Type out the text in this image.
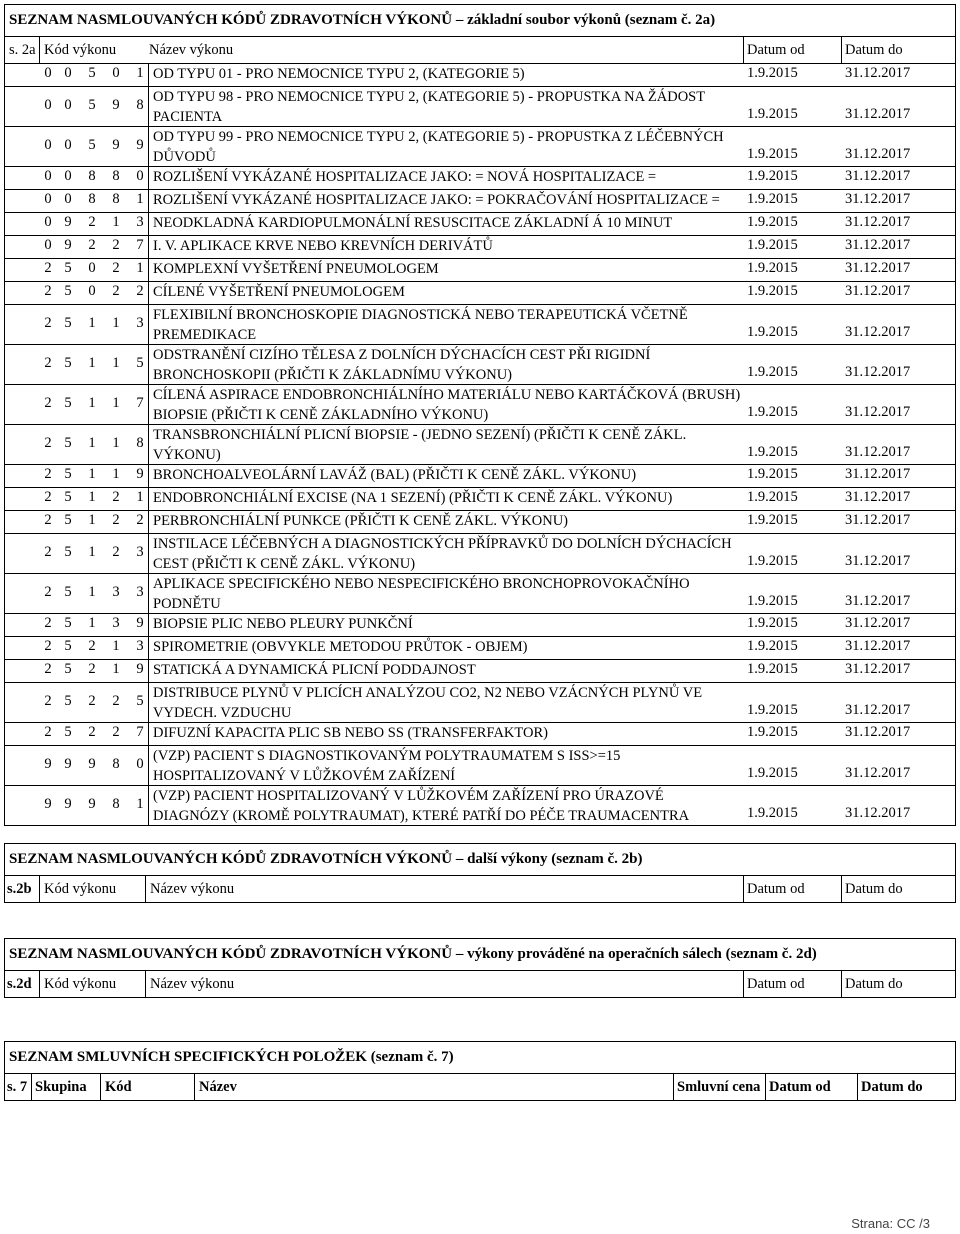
SEZNAM NASMLOUVANÝCH KÓDŮ ZDRAVOTNÍCH VÝKONŮ – základní soubor výkonů (seznam č. 2a)
s. 2a Kód výkonu Název výkonu	Datum od	Datum do
0 0 5 0 1 OD TYPU 01 - PRO NEMOCNICE TYPU 2, (KATEGORIE 5)	1.9.2015	31.12.2017
0 0 5 9 8 OD TYPU 98 - PRO NEMOCNICE TYPU 2, (KATEGORIE 5) - PROPUSTKA NA ŽÁDOST
PACIENTA	1.9.2015	31.12.2017
0 0 5 9 9 OD TYPU 99 - PRO NEMOCNICE TYPU 2, (KATEGORIE 5) - PROPUSTKA Z LÉČEBNÝCH
DŮVODŮ	1.9.2015	31.12.2017
0 0 8 8 0 ROZLIŠENÍ VYKÁZANÉ HOSPITALIZACE JAKO: = NOVÁ HOSPITALIZACE =	1.9.2015	31.12.2017
0 0 8 8 1 ROZLIŠENÍ VYKÁZANÉ HOSPITALIZACE JAKO: = POKRAČOVÁNÍ HOSPITALIZACE = 1.9.2015	31.12.2017
0 9 2 1 3 NEODKLADNÁ KARDIOPULMONÁLNÍ RESUSCITACE ZÁKLADNÍ Á 10 MINUT	1.9.2015	31.12.2017
0 9 2 2 7 I. V. APLIKACE KRVE NEBO KREVNÍCH DERIVÁTŮ	1.9.2015	31.12.2017
2 5 0 2 1 KOMPLEXNÍ VYŠETŘENÍ PNEUMOLOGEM	1.9.2015	31.12.2017
2 5 0 2 2 CÍLENÉ VYŠETŘENÍ PNEUMOLOGEM	1.9.2015	31.12.2017
2 5 1 1 3 FLEXIBILNÍ BRONCHOSKOPIE DIAGNOSTICKÁ NEBO TERAPEUTICKÁ VČETNĚ
PREMEDIKACE	1.9.2015	31.12.2017
2 5 1 1 5 ODSTRANĚNÍ CIZÍHO TĚLESA Z DOLNÍCH DÝCHACÍCH CEST PŘI RIGIDNÍ
BRONCHOSKOPII (PŘIČTI K ZÁKLADNÍMU VÝKONU)	1.9.2015	31.12.2017
2 5 1 1 7 CÍLENÁ ASPIRACE ENDOBRONCHIÁLNÍHO MATERIÁLU NEBO KARTÁČKOVÁ (BRUSH)
BIOPSIE (PŘIČTI K CENĚ ZÁKLADNÍHO VÝKONU)	1.9.2015	31.12.2017
2 5 1 1 8 TRANSBRONCHIÁLNÍ PLICNÍ BIOPSIE - (JEDNO SEZENÍ) (PŘIČTI K CENĚ ZÁKL.
VÝKONU)	1.9.2015	31.12.2017
2 5 1 1 9 BRONCHOALVEOLÁRNÍ LAVÁŽ (BAL) (PŘIČTI K CENĚ ZÁKL. VÝKONU)	1.9.2015	31.12.2017
2 5 1 2 1 ENDOBRONCHIÁLNÍ EXCISE (NA 1 SEZENÍ) (PŘIČTI K CENĚ ZÁKL. VÝKONU)	1.9.2015	31.12.2017
2 5 1 2 2 PERBRONCHIÁLNÍ PUNKCE (PŘIČTI K CENĚ ZÁKL. VÝKONU)	1.9.2015	31.12.2017
2 5 1 2 3 INSTILACE LÉČEBNÝCH A DIAGNOSTICKÝCH PŘÍPRAVKŮ DO DOLNÍCH DÝCHACÍCH
CEST (PŘIČTI K CENĚ ZÁKL. VÝKONU)	1.9.2015	31.12.2017
2 5 1 3 3 APLIKACE SPECIFICKÉHO NEBO NESPECIFICKÉHO BRONCHOPROVOKAČNÍHO
PODNĚTU	1.9.2015	31.12.2017
2 5 1 3 9 BIOPSIE PLIC NEBO PLEURY PUNKČNÍ	1.9.2015	31.12.2017
2 5 2 1 3 SPIROMETRIE (OBVYKLE METODOU PRŮTOK - OBJEM)	1.9.2015	31.12.2017
2 5 2 1 9 STATICKÁ A DYNAMICKÁ PLICNÍ PODDAJNOST	1.9.2015	31.12.2017
2 5 2 2 5 DISTRIBUCE PLYNŮ V PLICÍCH ANALÝZOU CO2, N2 NEBO VZÁCNÝCH PLYNŮ VE
VYDECH. VZDUCHU	1.9.2015	31.12.2017
2 5 2 2 7 DIFUZNÍ KAPACITA PLIC SB NEBO SS (TRANSFERFAKTOR)	1.9.2015	31.12.2017
9 9 9 8 0 (VZP) PACIENT S DIAGNOSTIKOVANÝM POLYTRAUMATEM S ISS>=15
HOSPITALIZOVANÝ V LŮŽKOVÉM ZAŘÍZENÍ	1.9.2015	31.12.2017
9 9 9 8 1 (VZP) PACIENT HOSPITALIZOVANÝ V LŮŽKOVÉM ZAŘÍZENÍ PRO ÚRAZOVÉ
DIAGNÓZY (KROMĚ POLYTRAUMAT), KTERÉ PATŘÍ DO PÉČE TRAUMACENTRA	1.9.2015	31.12.2017
SEZNAM NASMLOUVANÝCH KÓDŮ ZDRAVOTNÍCH VÝKONŮ – další výkony (seznam č. 2b)
s.2b Kód výkonu	Název výkonu	Datum od	Datum do
SEZNAM NASMLOUVANÝCH KÓDŮ ZDRAVOTNÍCH VÝKONŮ – výkony prováděné na operačních sálech (seznam č. 2d)
s.2d Kód výkonu	Název výkonu	Datum od	Datum do
SEZNAM SMLUVNÍCH SPECIFICKÝCH POLOŽEK (seznam č. 7)
s. 7 Skupina	Kód	Název	Smluvní cena Datum od Datum do
Strana: CC /3
